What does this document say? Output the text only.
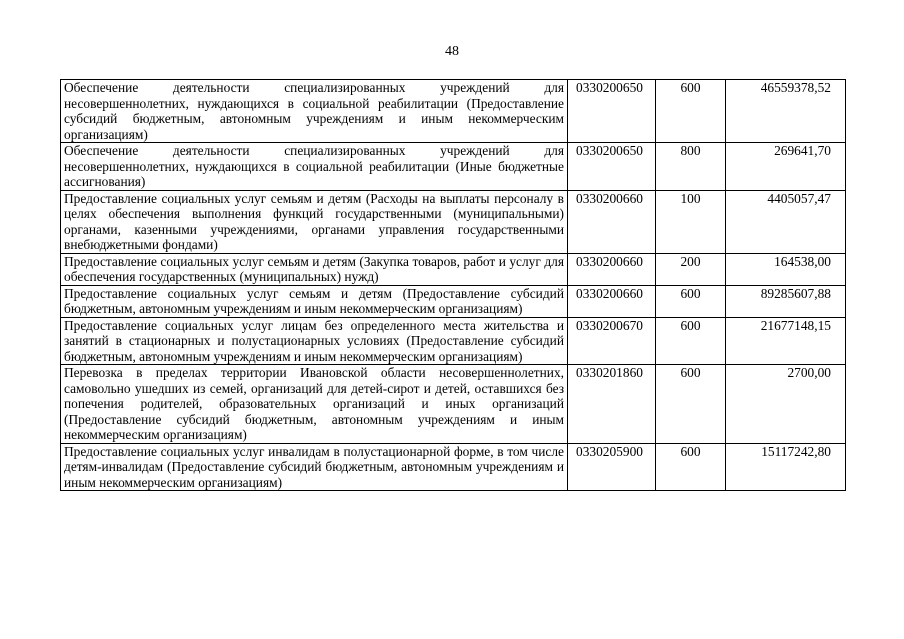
48
Обеспечение деятельности специализированных учреждений для несовершеннолетних, нуждающихся в социальной реабилитации (Предоставление субсидий бюджетным, автономным учреждениям и иным некоммерческим организациям)	0330200650	600	46559378,52
Обеспечение деятельности специализированных учреждений для несовершеннолетних, нуждающихся в социальной реабилитации (Иные бюджетные ассигнования)	0330200650	800	269641,70
Предоставление социальных услуг семьям и детям (Расходы на выплаты персоналу в целях обеспечения выполнения функций государственными (муниципальными) органами, казенными учреждениями, органами управления государственными внебюджетными фондами)	0330200660	100	4405057,47
Предоставление социальных услуг семьям и детям (Закупка товаров, работ и услуг для обеспечения государственных (муниципальных) нужд)	0330200660	200	164538,00
Предоставление социальных услуг семьям и детям (Предоставление субсидий бюджетным, автономным учреждениям и иным некоммерческим организациям)	0330200660	600	89285607,88
Предоставление социальных услуг лицам без определенного места жительства и занятий в стационарных и полустационарных условиях (Предоставление субсидий бюджетным, автономным учреждениям и иным некоммерческим организациям)	0330200670	600	21677148,15
Перевозка в пределах территории Ивановской области несовершеннолетних, самовольно ушедших из семей, организаций для детей-сирот и детей, оставшихся без попечения родителей, образовательных организаций и иных организаций (Предоставление субсидий бюджетным, автономным учреждениям и иным некоммерческим организациям)	0330201860	600	2700,00
Предоставление социальных услуг инвалидам в полустационарной форме, в том числе детям-инвалидам (Предоставление субсидий бюджетным, автономным учреждениям и иным некоммерческим организациям)	0330205900	600	15117242,80
